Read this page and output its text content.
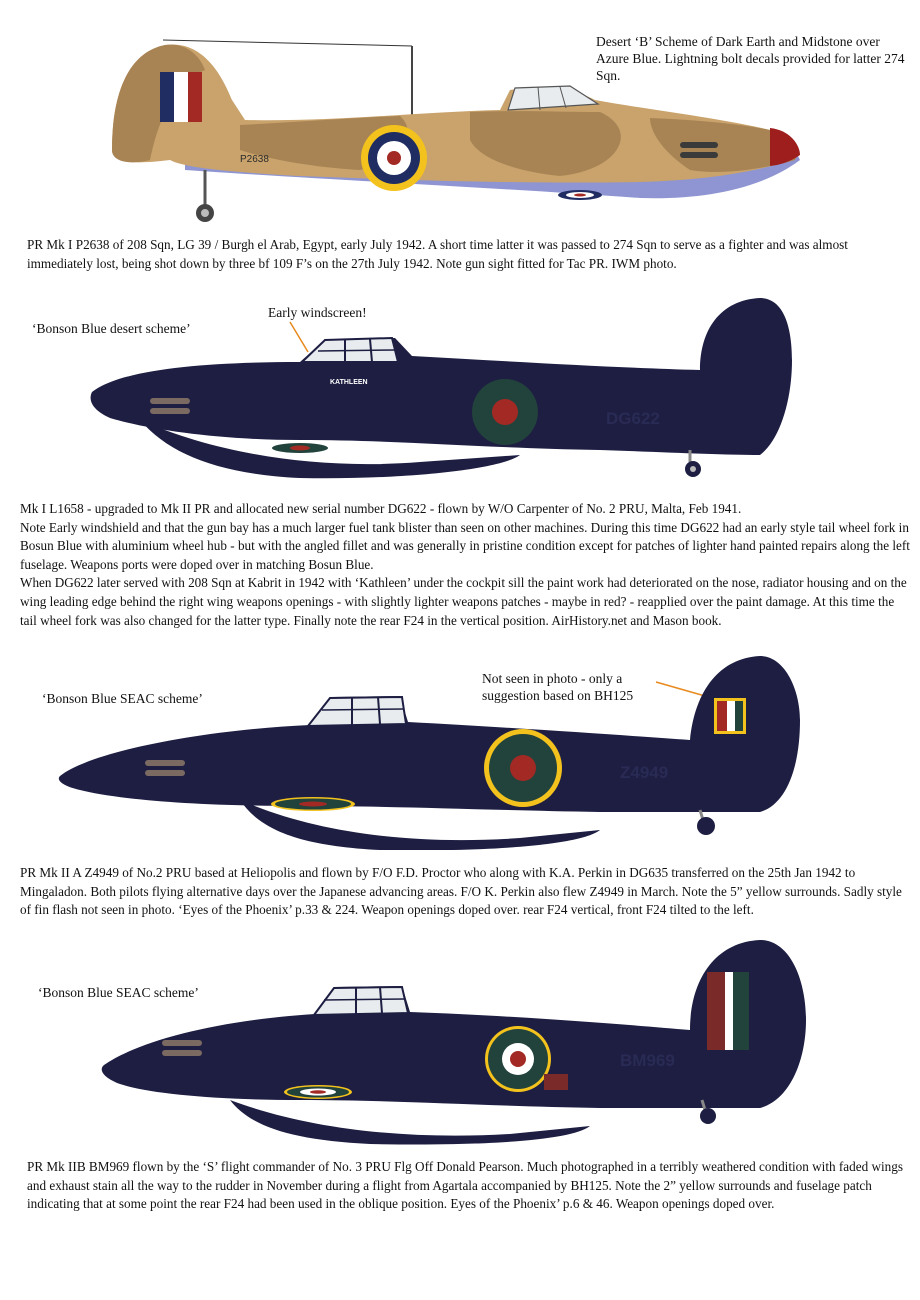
Desert ‘B’ Scheme of Dark Earth and Midstone over Azure Blue. Lightning bolt decals provided for latter 274 Sqn.

P2638

PR Mk I P2638 of 208 Sqn, LG 39 / Burgh el Arab, Egypt, early July 1942. A short time latter it was passed to 274 Sqn to serve as a fighter and was almost immediately lost, being shot down by three bf 109 F’s on the 27th July 1942. Note gun sight fitted for Tac PR. IWM photo.

‘Bonson Blue desert scheme’

Early windscreen!

KATHLEEN
DG622
Mk I L1658 - upgraded to Mk II PR and allocated new serial number DG622 - flown by W/O Carpenter of No. 2 PRU, Malta, Feb 1941.
Note Early windshield and that the gun bay has a much larger fuel tank blister than seen on other machines. During this time DG622 had an early style tail wheel fork in Bosun Blue with aluminium wheel hub - but with the angled fillet and was generally in pristine condition except for patches of lighter hand painted repairs along the left fuselage. Weapons ports were doped over in matching Bosun Blue.
When DG622 later served with 208 Sqn at Kabrit in 1942 with ‘Kathleen’ under the cockpit sill the paint work had deteriorated on the nose, radiator housing and on the wing leading edge behind the right wing weapons openings - with slightly lighter weapons patches - maybe in red? - reapplied over the paint damage. At this time the tail wheel fork was also changed for the latter type. Finally note the rear F24 in the vertical position. AirHistory.net and Mason book.

‘Bonson Blue SEAC scheme’

Not seen in photo - only a suggestion based on BH125

Z4949

PR Mk II A Z4949 of No.2 PRU based at Heliopolis and flown by F/O F.D. Proctor who along with K.A. Perkin in DG635 transferred on the 25th Jan 1942 to Mingaladon. Both pilots flying alternative days over the Japanese advancing areas. F/O K. Perkin also flew Z4949 in March. Note the 5” yellow surrounds. Sadly style of fin flash not seen in photo. ‘Eyes of the Phoenix’ p.33 & 224. Weapon openings doped over. rear F24 vertical, front F24 tilted to the left.

‘Bonson Blue SEAC scheme’

BM969

PR Mk IIB BM969 flown by the ‘S’ flight commander of No. 3 PRU Flg Off Donald Pearson. Much photographed in a terribly weathered condition with faded wings and exhaust stain all the way to the rudder in November during a flight from Agartala accompanied by BH125. Note the 2” yellow surrounds and fuselage patch indicating that at some point the rear F24 had been used in the oblique position. Eyes of the Phoenix’ p.6 & 46. Weapon openings doped over.
